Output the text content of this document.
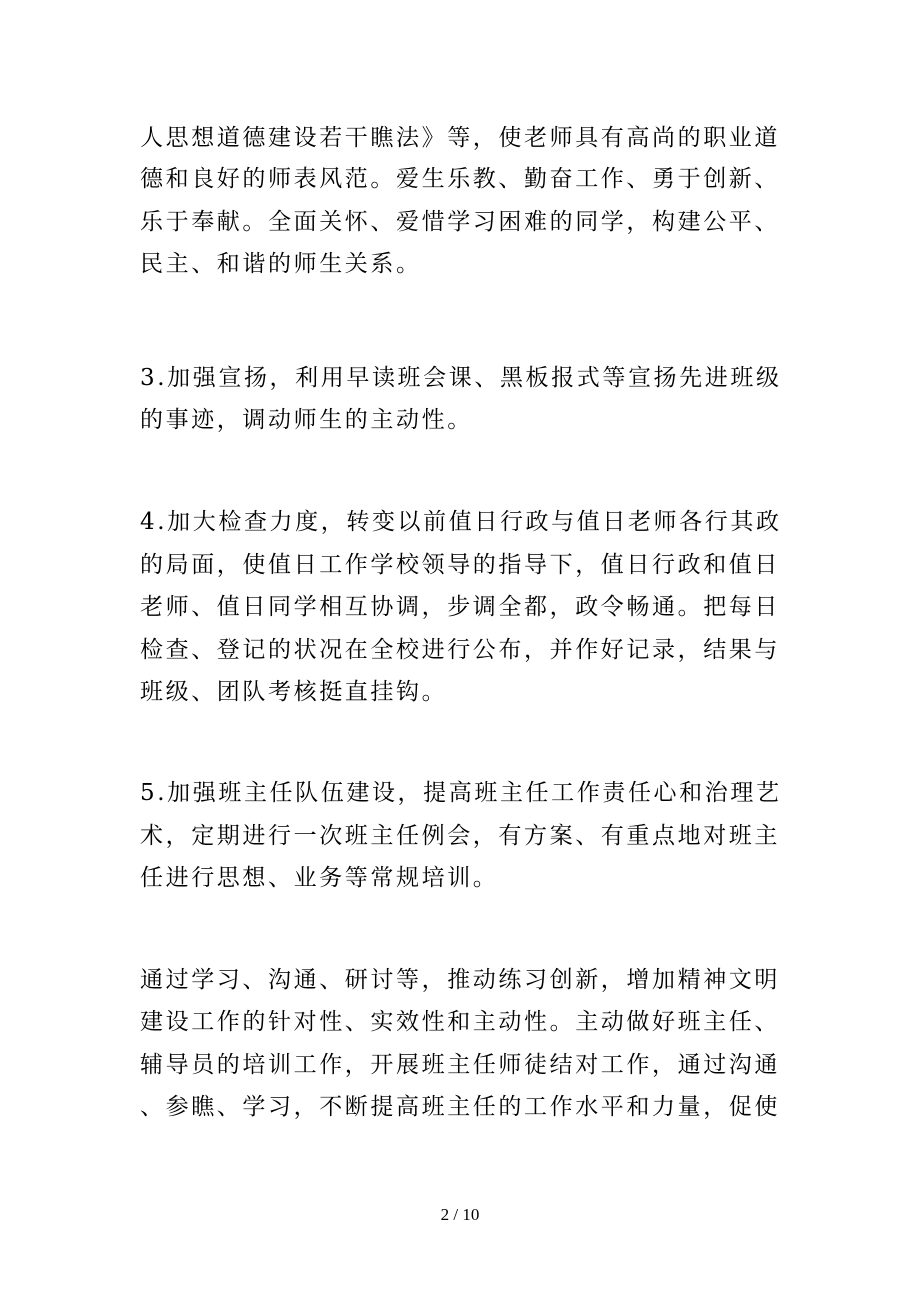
人思想道德建设若干瞧法》等，使老师具有高尚的职业道
德和良好的师表风范。爱生乐教、勤奋工作、勇于创新、
乐于奉献。全面关怀、爱惜学习困难的同学，构建公平、
民主、和谐的师生关系。
3.加强宣扬，利用早读班会课、黑板报式等宣扬先进班级
的事迹，调动师生的主动性。
4.加大检查力度，转变以前值日行政与值日老师各行其政
的局面，使值日工作学校领导的指导下，值日行政和值日
老师、值日同学相互协调，步调全都，政令畅通。把每日
检查、登记的状况在全校进行公布，并作好记录，结果与
班级、团队考核挺直挂钩。
5.加强班主任队伍建设，提高班主任工作责任心和治理艺
术，定期进行一次班主任例会，有方案、有重点地对班主
任进行思想、业务等常规培训。
通过学习、沟通、研讨等，推动练习创新，增加精神文明
建设工作的针对性、实效性和主动性。主动做好班主任、
辅导员的培训工作，开展班主任师徒结对工作，通过沟通
、参瞧、学习，不断提高班主任的工作水平和力量，促使
2 / 10
